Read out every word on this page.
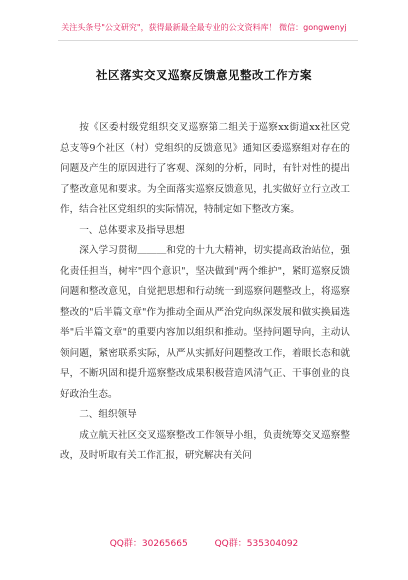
关注头条号"公文研究"，获得最新最全最专业的公文资料库！ 微信：gongwenyj
社区落实交叉巡察反馈意见整改工作方案

按《区委村级党组织交叉巡察第二组关于巡察xx街道xx社区党总支等9个社区（村）党组织的反馈意见》通知区委巡察组对存在的问题及产生的原因进行了客观、深刻的分析，同时，有针对性的提出了整改意见和要求。为全面落实巡察反馈意见，扎实做好立行立改工作，结合社区党组织的实际情况，特制定如下整改方案。

一、总体要求及指导思想

深入学习贯彻＿＿＿和党的十九大精神，切实提高政治站位，强化责任担当，树牢"四个意识"，坚决做到"两个维护"，紧盯巡察反馈问题和整改意见，自觉把思想和行动统一到巡察问题整改上，将巡察整改的"后半篇文章"作为推动全面从严治党向纵深发展和做实换届选举"后半篇文章"的重要内容加以组织和推动。坚持问题导向，主动认领问题，紧密联系实际，从严从实抓好问题整改工作，着眼长态和就早，不断巩固和提升巡察整改成果积极营造风清气正、干事创业的良好政治生态。

二、组织领导

成立航天社区交叉巡察整改工作领导小组，负责统筹交叉巡察整改，及时听取有关工作汇报，研究解决有关问

QQ群：30265665	QQ群：535304092
